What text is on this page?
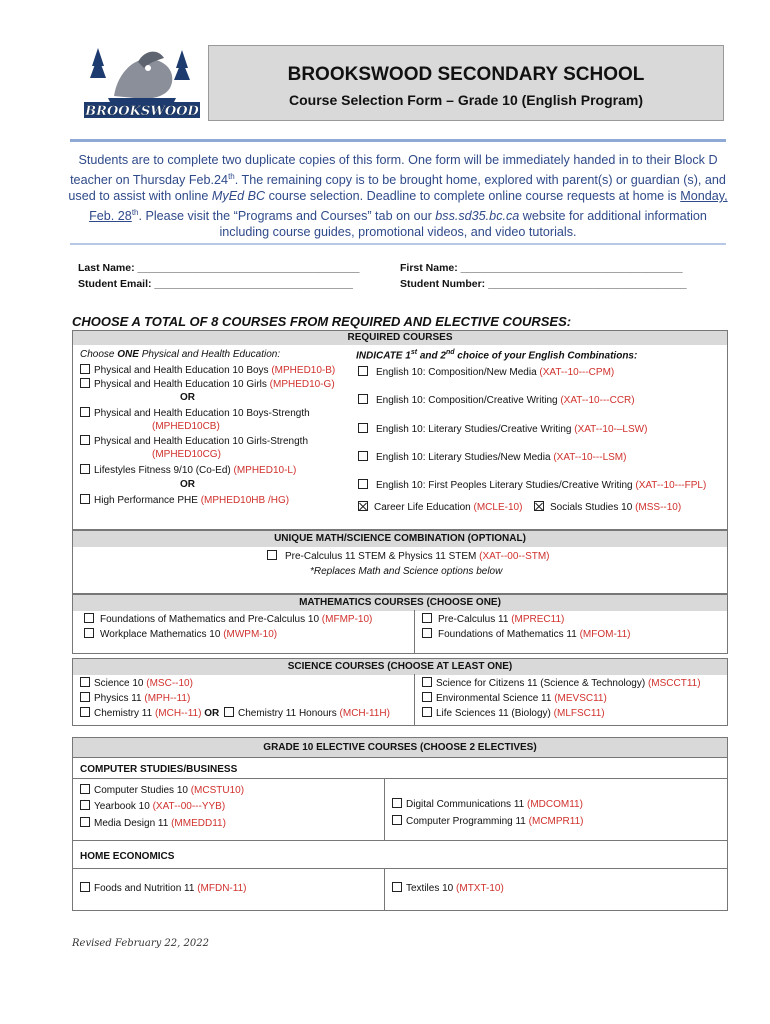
BROOKSWOOD
BROOKSWOOD SECONDARY SCHOOL
Course Selection Form – Grade 10 (English Program)
Students are to complete two duplicate copies of this form. One form will be immediately handed in to their Block D teacher on Thursday Feb.24th. The remaining copy is to be brought home, explored with parent(s) or guardian (s), and used to assist with online MyEd BC course selection. Deadline to complete online course requests at home is Monday, Feb. 28th. Please visit the “Programs and Courses” tab on our bss.sd35.bc.ca website for additional information including course guides, promotional videos, and video tutorials.
Last Name: ______________________________________
Student Email: __________________________________
First Name: ______________________________________
Student Number: __________________________________
CHOOSE A TOTAL OF 8 COURSES FROM REQUIRED AND ELECTIVE COURSES:
REQUIRED COURSES
Choose ONE Physical and Health Education:
Physical and Health Education 10 Boys (MPHED10-B)
Physical and Health Education 10 Girls (MPHED10-G)
OR
Physical and Health Education 10 Boys-Strength
(MPHED10CB)
Physical and Health Education 10 Girls-Strength
(MPHED10CG)
Lifestyles Fitness 9/10 (Co-Ed) (MPHED10-L)
OR
High Performance PHE (MPHED10HB /HG)
INDICATE 1st and 2nd choice of your English Combinations:
English 10: Composition/New Media (XAT--10---CPM)
English 10: Composition/Creative Writing (XAT--10---CCR)
English 10: Literary Studies/Creative Writing (XAT--10-–LSW)
English 10: Literary Studies/New Media (XAT--10---LSM)
English 10: First Peoples Literary Studies/Creative Writing (XAT--10---FPL)
Career Life Education (MCLE-10)	Socials Studies 10 (MSS--10)
UNIQUE MATH/SCIENCE COMBINATION (OPTIONAL)
Pre-Calculus 11 STEM & Physics 11 STEM (XAT--00--STM)
*Replaces Math and Science options below
MATHEMATICS COURSES (CHOOSE ONE)
Foundations of Mathematics and Pre-Calculus 10 (MFMP-10)
Workplace Mathematics 10 (MWPM-10)
Pre-Calculus 11 (MPREC11)
Foundations of Mathematics 11 (MFOM-11)
SCIENCE COURSES (CHOOSE AT LEAST ONE)
Science 10 (MSC--10)
Physics 11 (MPH--11)
Chemistry 11 (MCH--11) OR Chemistry 11 Honours (MCH-11H)
Science for Citizens 11 (Science & Technology) (MSCCT11)
Environmental Science 11 (MEVSC11)
Life Sciences 11 (Biology) (MLFSC11)
GRADE 10 ELECTIVE COURSES (CHOOSE 2 ELECTIVES)
COMPUTER STUDIES/BUSINESS
Computer Studies 10 (MCSTU10)
Yearbook 10 (XAT--00---YYB)
Media Design 11 (MMEDD11)
Digital Communications 11 (MDCOM11)
Computer Programming 11 (MCMPR11)
HOME ECONOMICS
Foods and Nutrition 11 (MFDN-11)	Textiles 10 (MTXT-10)
Revised February 22, 2022
